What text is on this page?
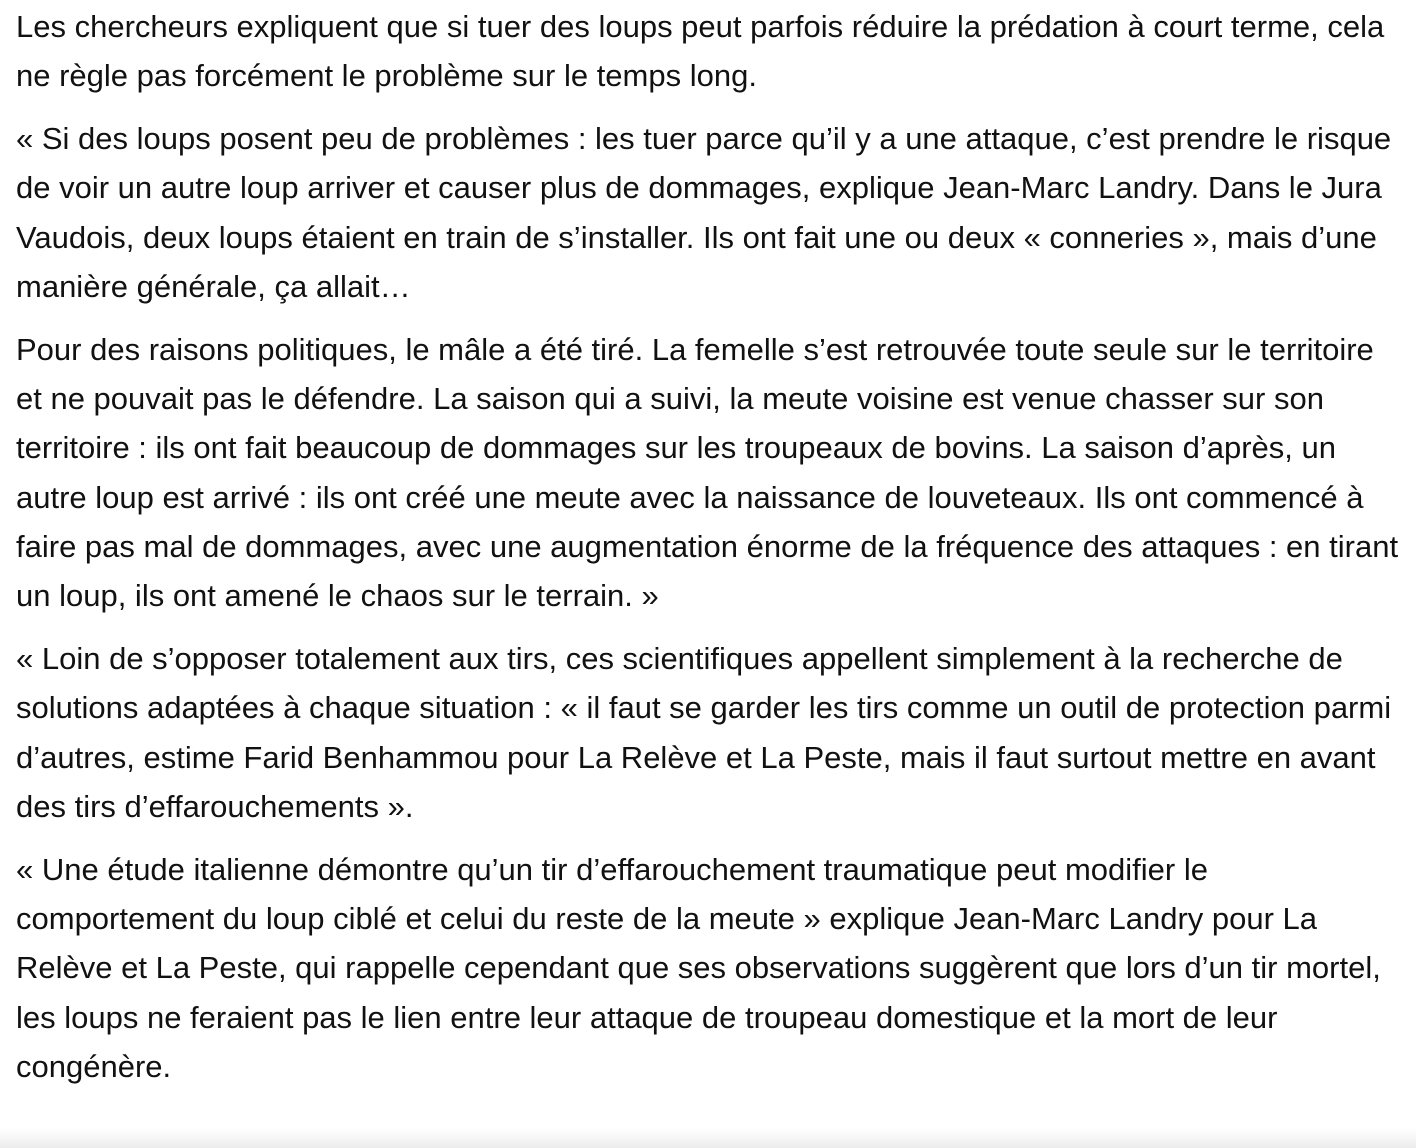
Les chercheurs expliquent que si tuer des loups peut parfois réduire la prédation à court terme, cela ne règle pas forcément le problème sur le temps long.

« Si des loups posent peu de problèmes : les tuer parce qu’il y a une attaque, c’est prendre le risque de voir un autre loup arriver et causer plus de dommages, explique Jean-Marc Landry. Dans le Jura Vaudois, deux loups étaient en train de s’installer. Ils ont fait une ou deux « conneries », mais d’une manière générale, ça allait…

Pour des raisons politiques, le mâle a été tiré. La femelle s’est retrouvée toute seule sur le territoire et ne pouvait pas le défendre. La saison qui a suivi, la meute voisine est venue chasser sur son territoire : ils ont fait beaucoup de dommages sur les troupeaux de bovins. La saison d’après, un autre loup est arrivé : ils ont créé une meute avec la naissance de louveteaux. Ils ont commencé à faire pas mal de dommages, avec une augmentation énorme de la fréquence des attaques : en tirant un loup, ils ont amené le chaos sur le terrain. »

« Loin de s’opposer totalement aux tirs, ces scientifiques appellent simplement à la recherche de solutions adaptées à chaque situation : « il faut se garder les tirs comme un outil de protection parmi d’autres, estime Farid Benhammou pour La Relève et La Peste, mais il faut surtout mettre en avant des tirs d’effarouchements ».

« Une étude italienne démontre qu’un tir d’effarouchement traumatique peut modifier le comportement du loup ciblé et celui du reste de la meute » explique Jean-Marc Landry pour La Relève et La Peste, qui rappelle cependant que ses observations suggèrent que lors d’un tir mortel, les loups ne feraient pas le lien entre leur attaque de troupeau domestique et la mort de leur congénère.
